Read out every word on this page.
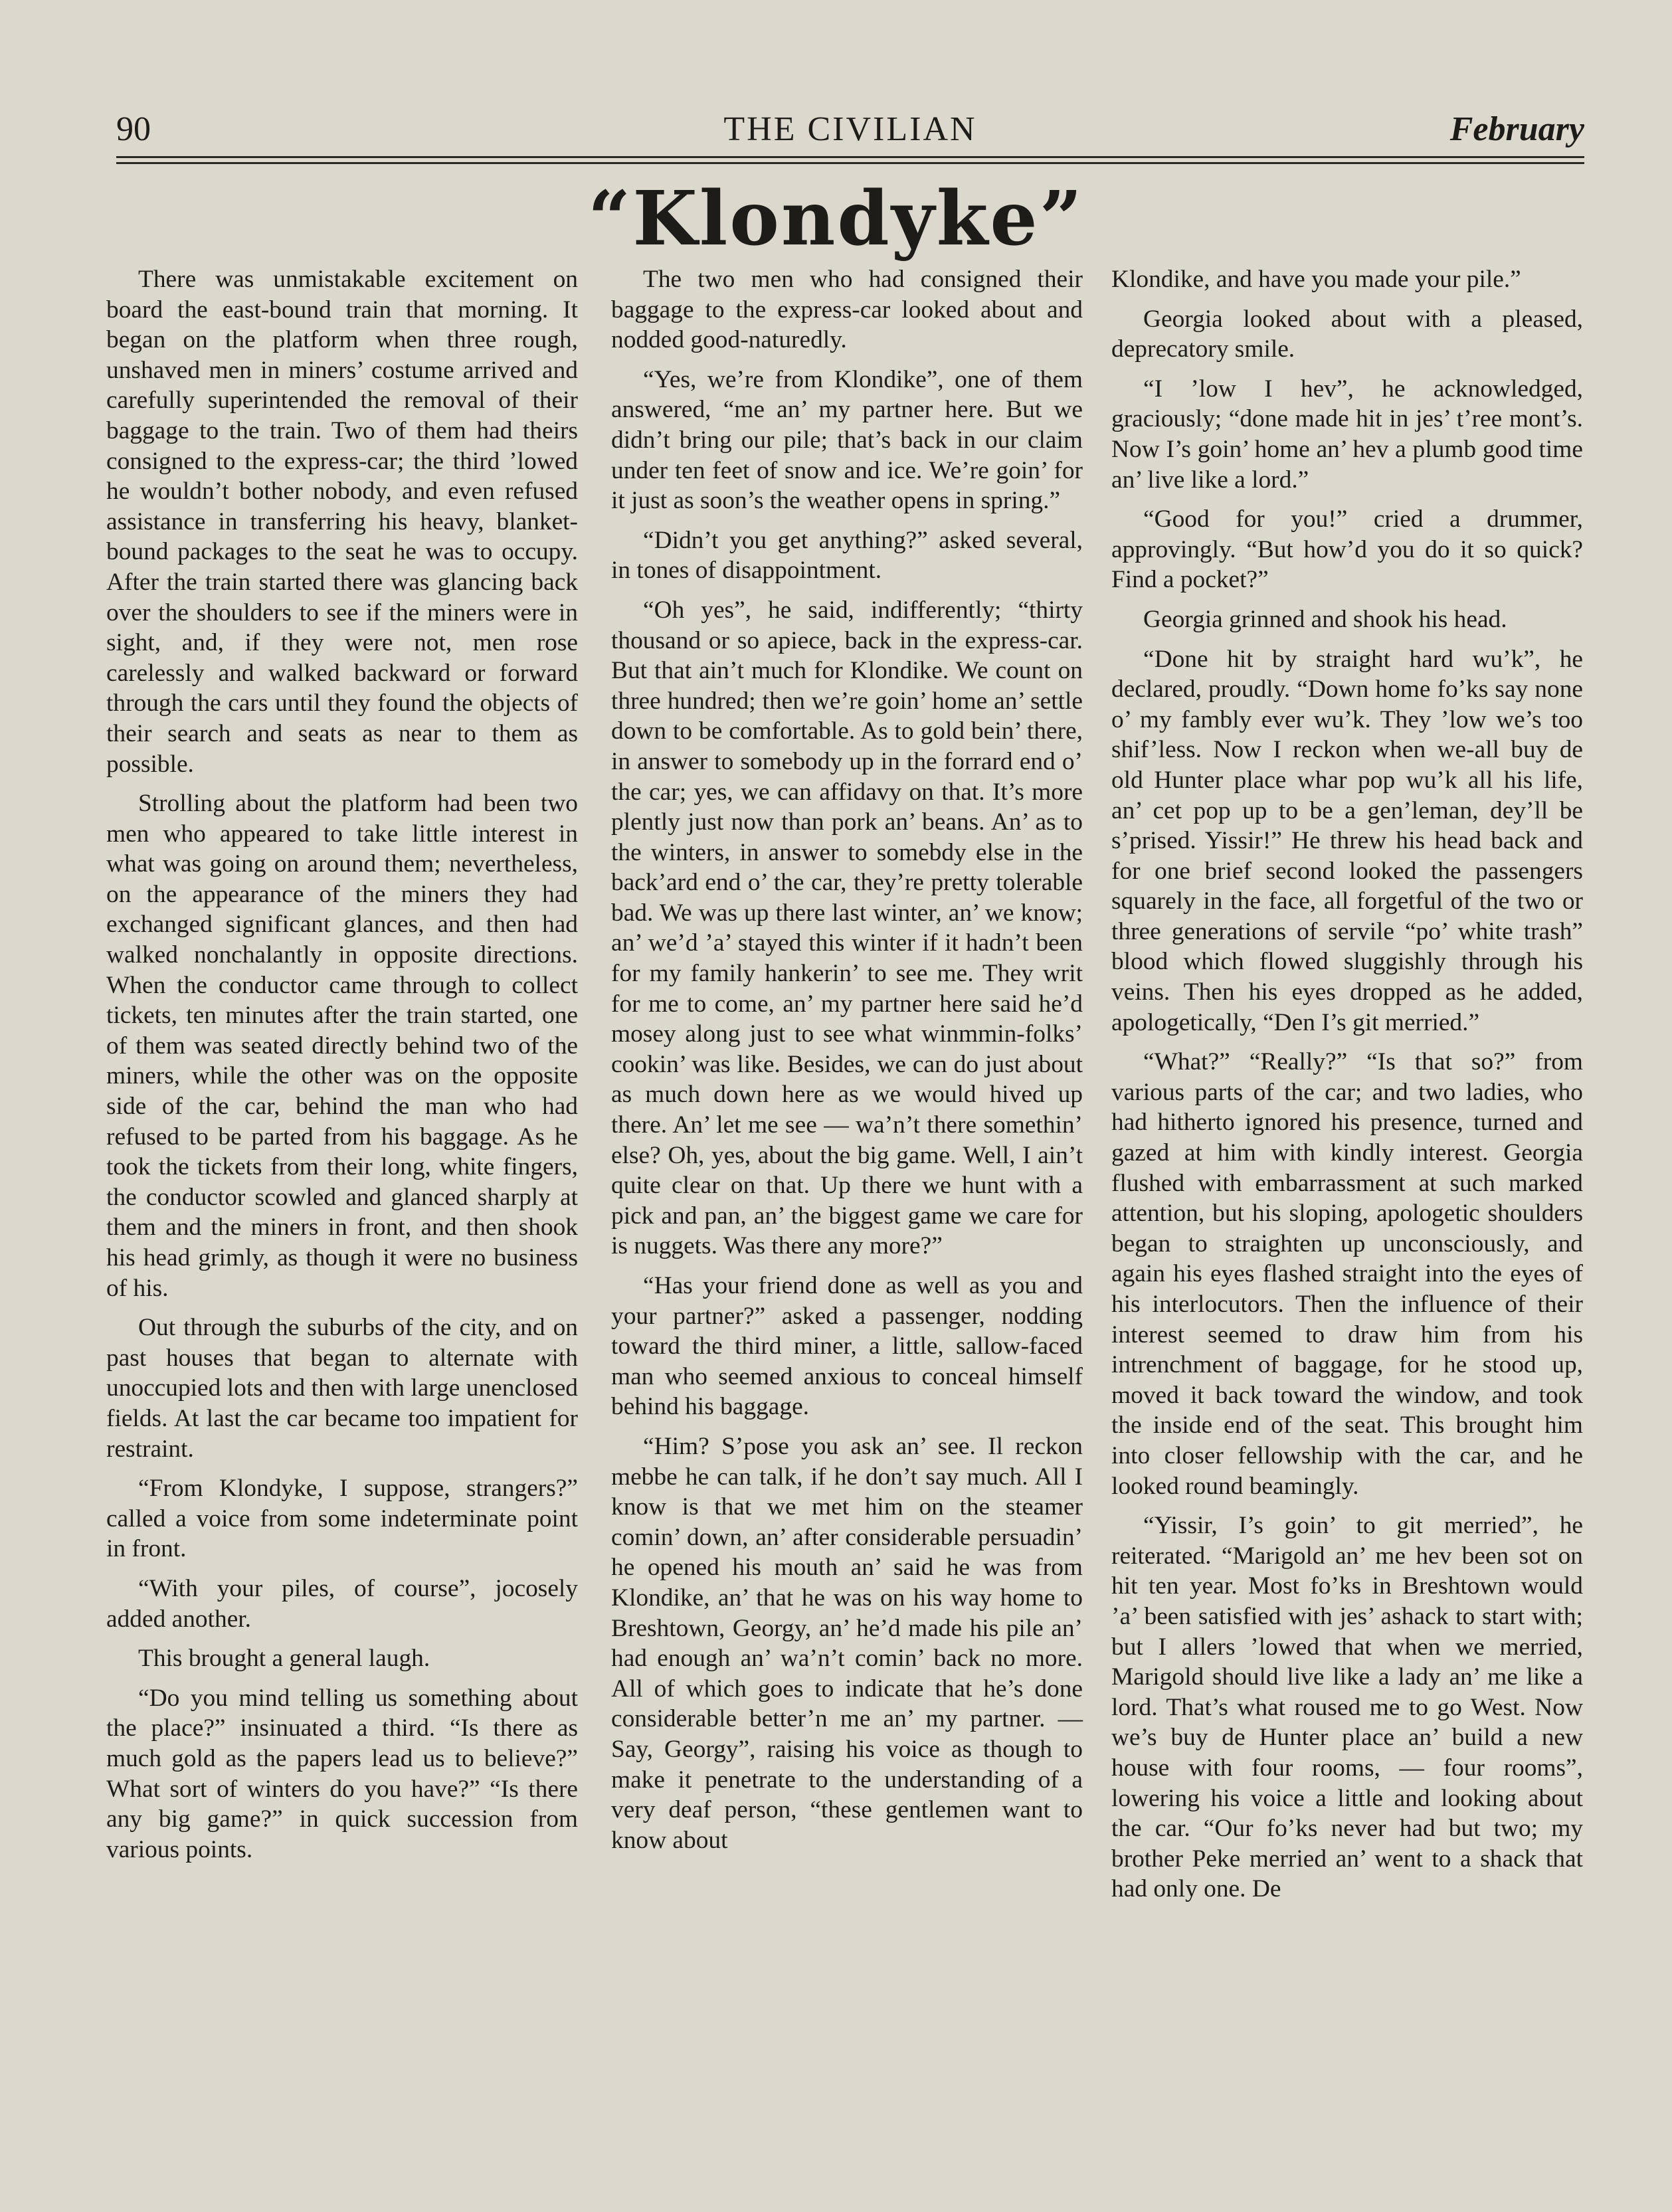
90	THE CIVILIAN	February
“Klondyke”

There was unmistakable excitement on board the east-bound train that morning. It began on the platform when three rough, unshaved men in miners’ costume arrived and carefully superintended the removal of their baggage to the train. Two of them had theirs consigned to the express-car; the third ’lowed he wouldn’t bother nobody, and even refused assistance in transferring his heavy, blanket-bound packages to the seat he was to occupy. After the train started there was glancing back over the shoulders to see if the miners were in sight, and, if they were not, men rose carelessly and walked backward or forward through the cars until they found the objects of their search and seats as near to them as possible.

Strolling about the platform had been two men who appeared to take little interest in what was going on around them; nevertheless, on the appearance of the miners they had exchanged significant glances, and then had walked nonchalantly in opposite directions. When the conductor came through to collect tickets, ten minutes after the train started, one of them was seated directly behind two of the miners, while the other was on the opposite side of the car, behind the man who had refused to be parted from his baggage. As he took the tickets from their long, white fingers, the conductor scowled and glanced sharply at them and the miners in front, and then shook his head grimly, as though it were no business of his.

Out through the suburbs of the city, and on past houses that began to alternate with unoccupied lots and then with large unenclosed fields. At last the car became too impatient for restraint.

“From Klondyke, I suppose, strangers?” called a voice from some indeterminate point in front.

“With your piles, of course”, jocosely added another.

This brought a general laugh.

“Do you mind telling us something about the place?” insinuated a third. “Is there as much gold as the papers lead us to believe?” What sort of winters do you have?” “Is there any big game?” in quick succession from various points.

The two men who had consigned their baggage to the express-car looked about and nodded good-naturedly.

“Yes, we’re from Klondike”, one of them answered, “me an’ my partner here. But we didn’t bring our pile; that’s back in our claim under ten feet of snow and ice. We’re goin’ for it just as soon’s the weather opens in spring.”

“Didn’t you get anything?” asked several, in tones of disappointment.

“Oh yes”, he said, indifferently; “thirty thousand or so apiece, back in the express-car. But that ain’t much for Klondike. We count on three hundred; then we’re goin’ home an’ settle down to be comfortable. As to gold bein’ there, in answer to somebody up in the forrard end o’ the car; yes, we can affidavy on that. It’s more plently just now than pork an’ beans. An’ as to the winters, in answer to somebdy else in the back’ard end o’ the car, they’re pretty tolerable bad. We was up there last winter, an’ we know; an’ we’d ’a’ stayed this winter if it hadn’t been for my family hankerin’ to see me. They writ for me to come, an’ my partner here said he’d mosey along just to see what winmmin-folks’ cookin’ was like. Besides, we can do just about as much down here as we would hived up there. An’ let me see — wa’n’t there somethin’ else? Oh, yes, about the big game. Well, I ain’t quite clear on that. Up there we hunt with a pick and pan, an’ the biggest game we care for is nuggets. Was there any more?”

“Has your friend done as well as you and your partner?” asked a passenger, nodding toward the third miner, a little, sallow-faced man who seemed anxious to conceal himself behind his baggage.

“Him? S’pose you ask an’ see. Il reckon mebbe he can talk, if he don’t say much. All I know is that we met him on the steamer comin’ down, an’ after considerable persuadin’ he opened his mouth an’ said he was from Klondike, an’ that he was on his way home to Breshtown, Georgy, an’ he’d made his pile an’ had enough an’ wa’n’t comin’ back no more. All of which goes to indicate that he’s done considerable better’n me an’ my partner. — Say, Georgy”, raising his voice as though to make it penetrate to the understanding of a very deaf person, “these gentlemen want to know about

Klondike, and have you made your pile.”

Georgia looked about with a pleased, deprecatory smile.

“I ’low I hev”, he acknowledged, graciously; “done made hit in jes’ t’ree mont’s. Now I’s goin’ home an’ hev a plumb good time an’ live like a lord.”

“Good for you!” cried a drummer, approvingly. “But how’d you do it so quick? Find a pocket?”

Georgia grinned and shook his head.

“Done hit by straight hard wu’k”, he declared, proudly. “Down home fo’ks say none o’ my fambly ever wu’k. They ’low we’s too shif’less. Now I reckon when we-all buy de old Hunter place whar pop wu’k all his life, an’ cet pop up to be a gen’leman, dey’ll be s’prised. Yissir!” He threw his head back and for one brief second looked the passengers squarely in the face, all forgetful of the two or three generations of servile “po’ white trash” blood which flowed sluggishly through his veins. Then his eyes dropped as he added, apologetically, “Den I’s git merried.”

“What?” “Really?” “Is that so?” from various parts of the car; and two ladies, who had hitherto ignored his presence, turned and gazed at him with kindly interest. Georgia flushed with embarrassment at such marked attention, but his sloping, apologetic shoulders began to straighten up unconsciously, and again his eyes flashed straight into the eyes of his interlocutors. Then the influence of their interest seemed to draw him from his intrenchment of baggage, for he stood up, moved it back toward the window, and took the inside end of the seat. This brought him into closer fellowship with the car, and he looked round beamingly.

“Yissir, I’s goin’ to git merried”, he reiterated. “Marigold an’ me hev been sot on hit ten year. Most fo’ks in Breshtown would ’a’ been satisfied with jes’ ashack to start with; but I allers ’lowed that when we merried, Marigold should live like a lady an’ me like a lord. That’s what roused me to go West. Now we’s buy de Hunter place an’ build a new house with four rooms, — four rooms”, lowering his voice a little and looking about the car. “Our fo’ks never had but two; my brother Peke merried an’ went to a shack that had only one. De
